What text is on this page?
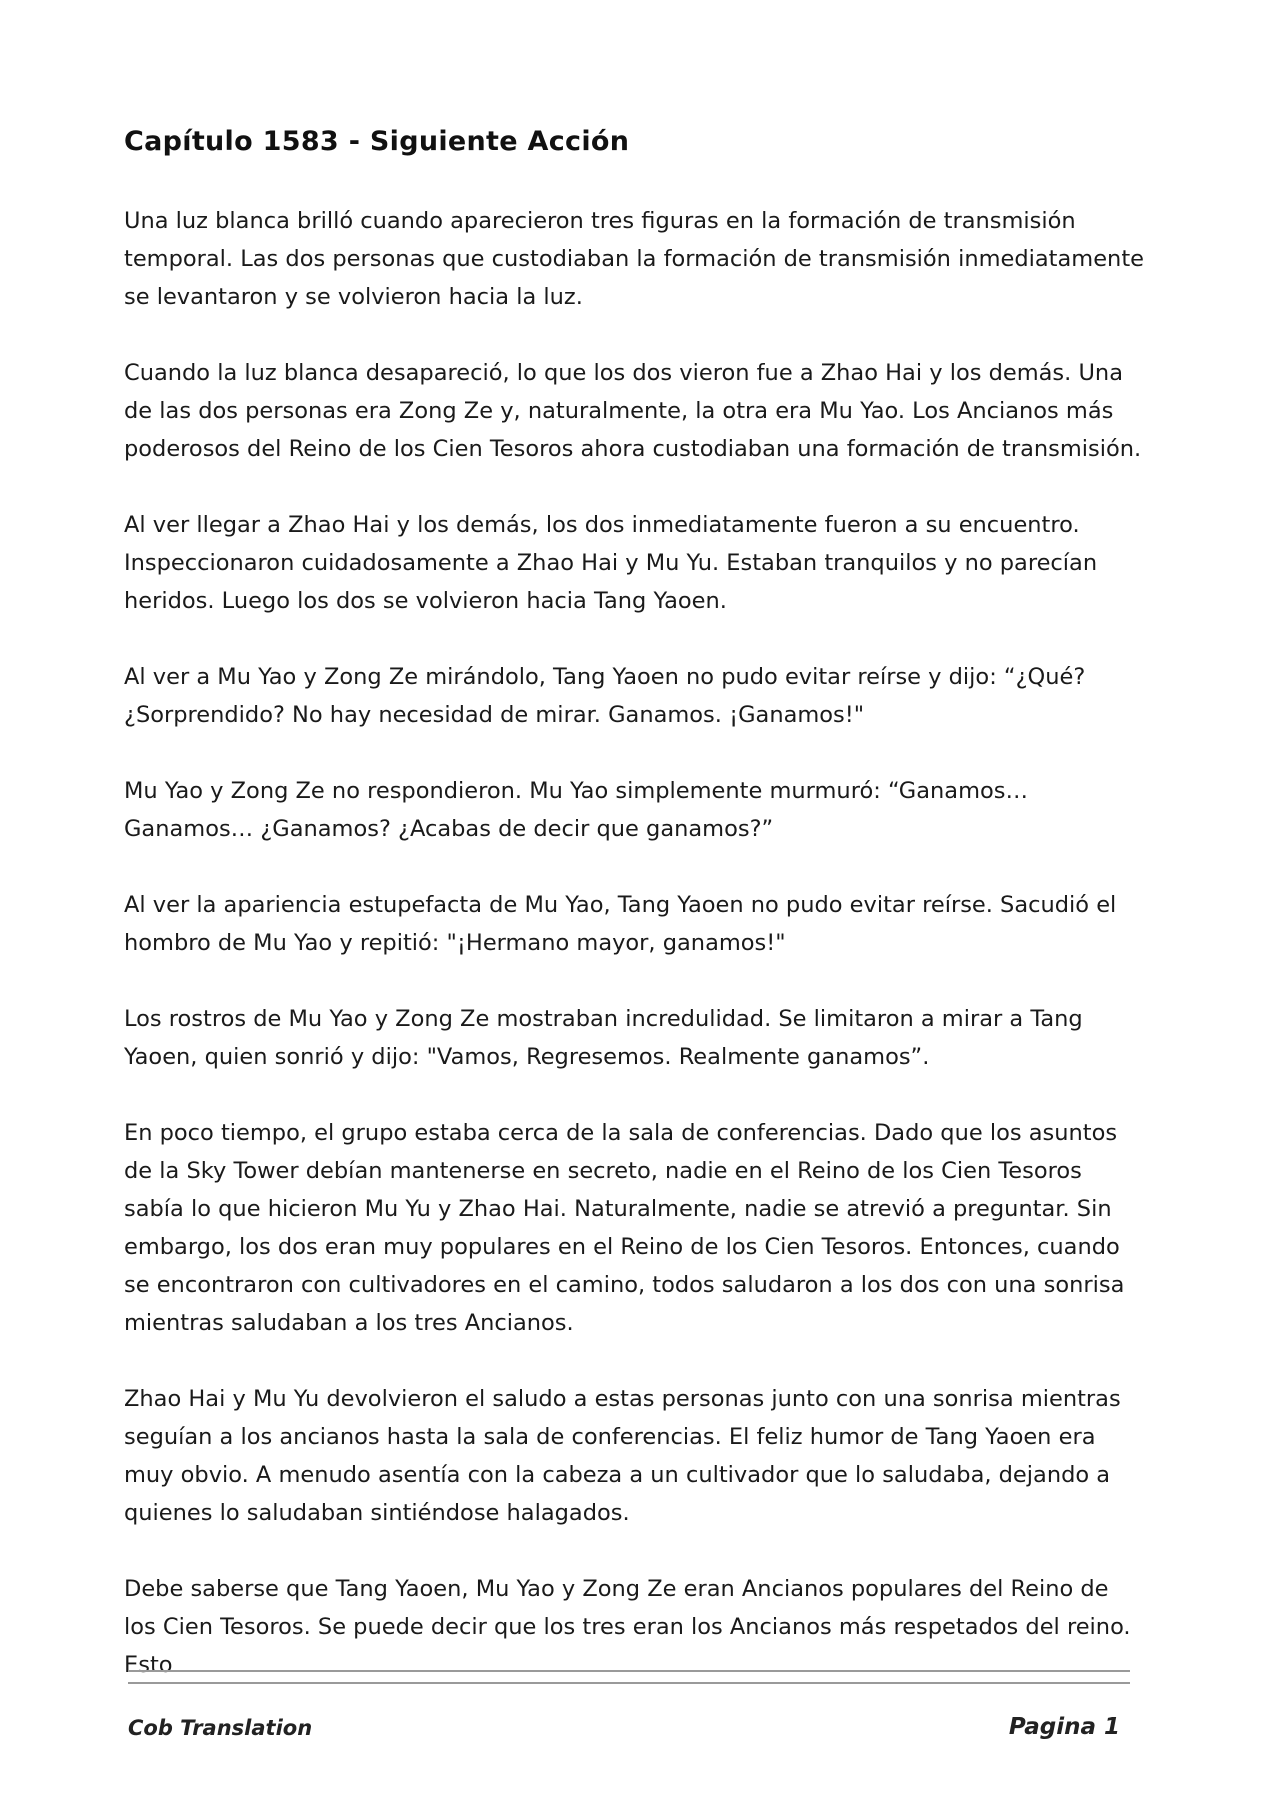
Capítulo 1583 - Siguiente Acción

Una luz blanca brilló cuando aparecieron tres figuras en la formación de transmisión temporal. Las dos personas que custodiaban la formación de transmisión inmediatamente se levantaron y se volvieron hacia la luz.

Cuando la luz blanca desapareció, lo que los dos vieron fue a Zhao Hai y los demás. Una de las dos personas era Zong Ze y, naturalmente, la otra era Mu Yao. Los Ancianos más poderosos del Reino de los Cien Tesoros ahora custodiaban una formación de transmisión.

Al ver llegar a Zhao Hai y los demás, los dos inmediatamente fueron a su encuentro. Inspeccionaron cuidadosamente a Zhao Hai y Mu Yu. Estaban tranquilos y no parecían heridos. Luego los dos se volvieron hacia Tang Yaoen.

Al ver a Mu Yao y Zong Ze mirándolo, Tang Yaoen no pudo evitar reírse y dijo: “¿Qué? ¿Sorprendido? No hay necesidad de mirar. Ganamos. ¡Ganamos!"

Mu Yao y Zong Ze no respondieron. Mu Yao simplemente murmuró: “Ganamos… Ganamos… ¿Ganamos? ¿Acabas de decir que ganamos?”

Al ver la apariencia estupefacta de Mu Yao, Tang Yaoen no pudo evitar reírse. Sacudió el hombro de Mu Yao y repitió: "¡Hermano mayor, ganamos!"

Los rostros de Mu Yao y Zong Ze mostraban incredulidad. Se limitaron a mirar a Tang Yaoen, quien sonrió y dijo: "Vamos, Regresemos. Realmente ganamos”.

En poco tiempo, el grupo estaba cerca de la sala de conferencias. Dado que los asuntos de la Sky Tower debían mantenerse en secreto, nadie en el Reino de los Cien Tesoros sabía lo que hicieron Mu Yu y Zhao Hai. Naturalmente, nadie se atrevió a preguntar. Sin embargo, los dos eran muy populares en el Reino de los Cien Tesoros. Entonces, cuando se encontraron con cultivadores en el camino, todos saludaron a los dos con una sonrisa mientras saludaban a los tres Ancianos.

Zhao Hai y Mu Yu devolvieron el saludo a estas personas junto con una sonrisa mientras seguían a los ancianos hasta la sala de conferencias. El feliz humor de Tang Yaoen era muy obvio. A menudo asentía con la cabeza a un cultivador que lo saludaba, dejando a quienes lo saludaban sintiéndose halagados.

Debe saberse que Tang Yaoen, Mu Yao y Zong Ze eran Ancianos populares del Reino de los Cien Tesoros. Se puede decir que los tres eran los Ancianos más respetados del reino. Esto

Cob Translation	Pagina 1
